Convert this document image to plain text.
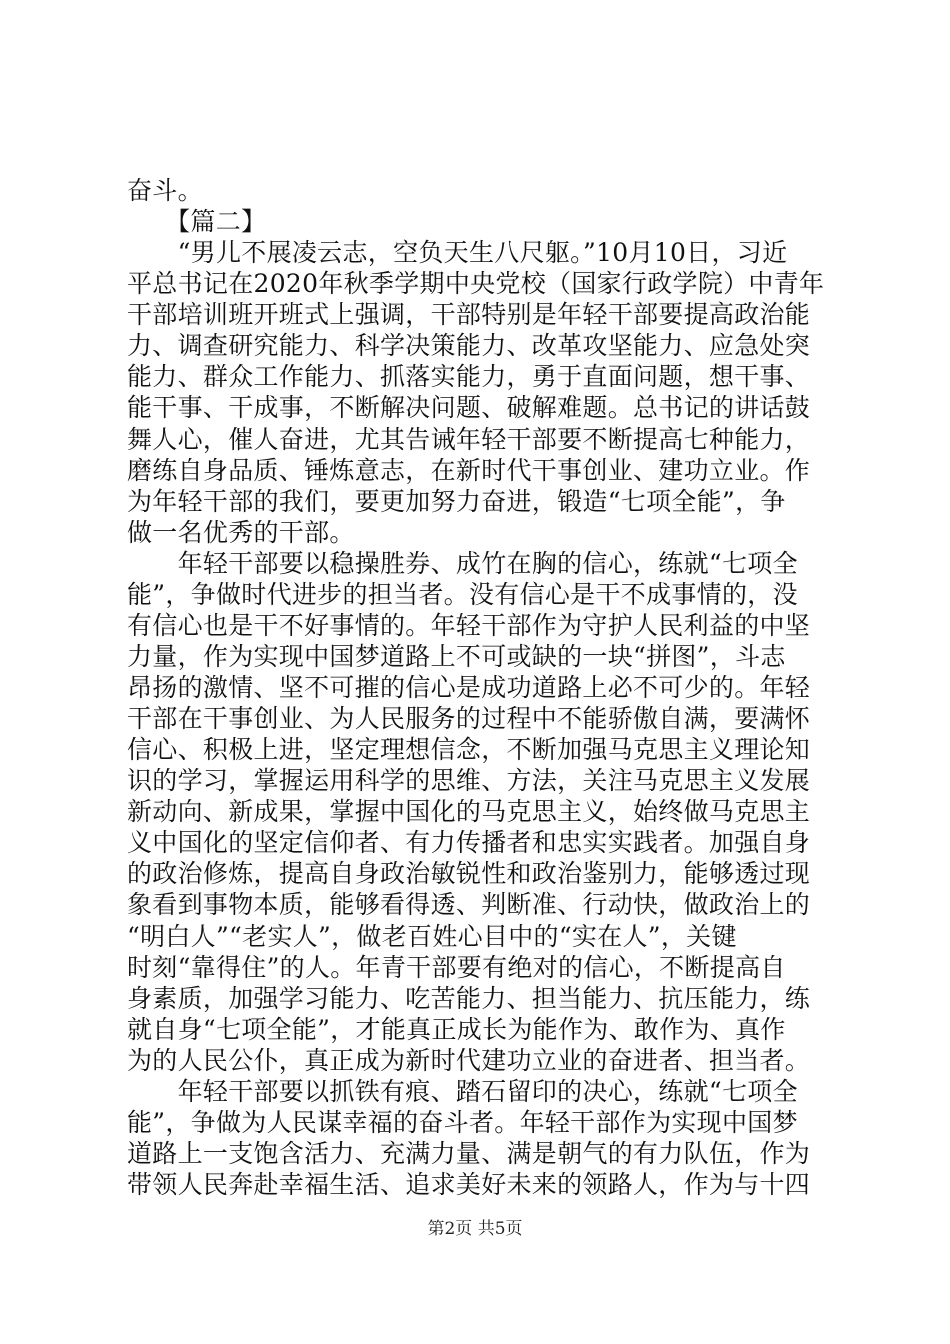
奋斗。
　　【篇二】
　　“男儿不展凌云志，空负天生八尺躯。”10月10日，习近
平总书记在2020年秋季学期中央党校（国家行政学院）中青年
干部培训班开班式上强调，干部特别是年轻干部要提高政治能
力、调查研究能力、科学决策能力、改革攻坚能力、应急处突
能力、群众工作能力、抓落实能力，勇于直面问题，想干事、
能干事、干成事，不断解决问题、破解难题。总书记的讲话鼓
舞人心，催人奋进，尤其告诫年轻干部要不断提高七种能力，
磨练自身品质、锤炼意志，在新时代干事创业、建功立业。作
为年轻干部的我们，要更加努力奋进，锻造“七项全能”，争
做一名优秀的干部。
　　年轻干部要以稳操胜券、成竹在胸的信心，练就“七项全
能”，争做时代进步的担当者。没有信心是干不成事情的，没
有信心也是干不好事情的。年轻干部作为守护人民利益的中坚
力量，作为实现中国梦道路上不可或缺的一块“拼图”，斗志
昂扬的激情、坚不可摧的信心是成功道路上必不可少的。年轻
干部在干事创业、为人民服务的过程中不能骄傲自满，要满怀
信心、积极上进，坚定理想信念，不断加强马克思主义理论知
识的学习，掌握运用科学的思维、方法，关注马克思主义发展
新动向、新成果，掌握中国化的马克思主义，始终做马克思主
义中国化的坚定信仰者、有力传播者和忠实实践者。加强自身
的政治修炼，提高自身政治敏锐性和政治鉴别力，能够透过现
象看到事物本质，能够看得透、判断准、行动快，做政治上的
“明白人”“老实人”，做老百姓心目中的“实在人”，关键
时刻“靠得住”的人。年青干部要有绝对的信心，不断提高自
身素质，加强学习能力、吃苦能力、担当能力、抗压能力，练
就自身“七项全能”，才能真正成长为能作为、敢作为、真作
为的人民公仆，真正成为新时代建功立业的奋进者、担当者。
　　年轻干部要以抓铁有痕、踏石留印的决心，练就“七项全
能”，争做为人民谋幸福的奋斗者。年轻干部作为实现中国梦
道路上一支饱含活力、充满力量、满是朝气的有力队伍，作为
带领人民奔赴幸福生活、追求美好未来的领路人，作为与十四
第2页 共5页
